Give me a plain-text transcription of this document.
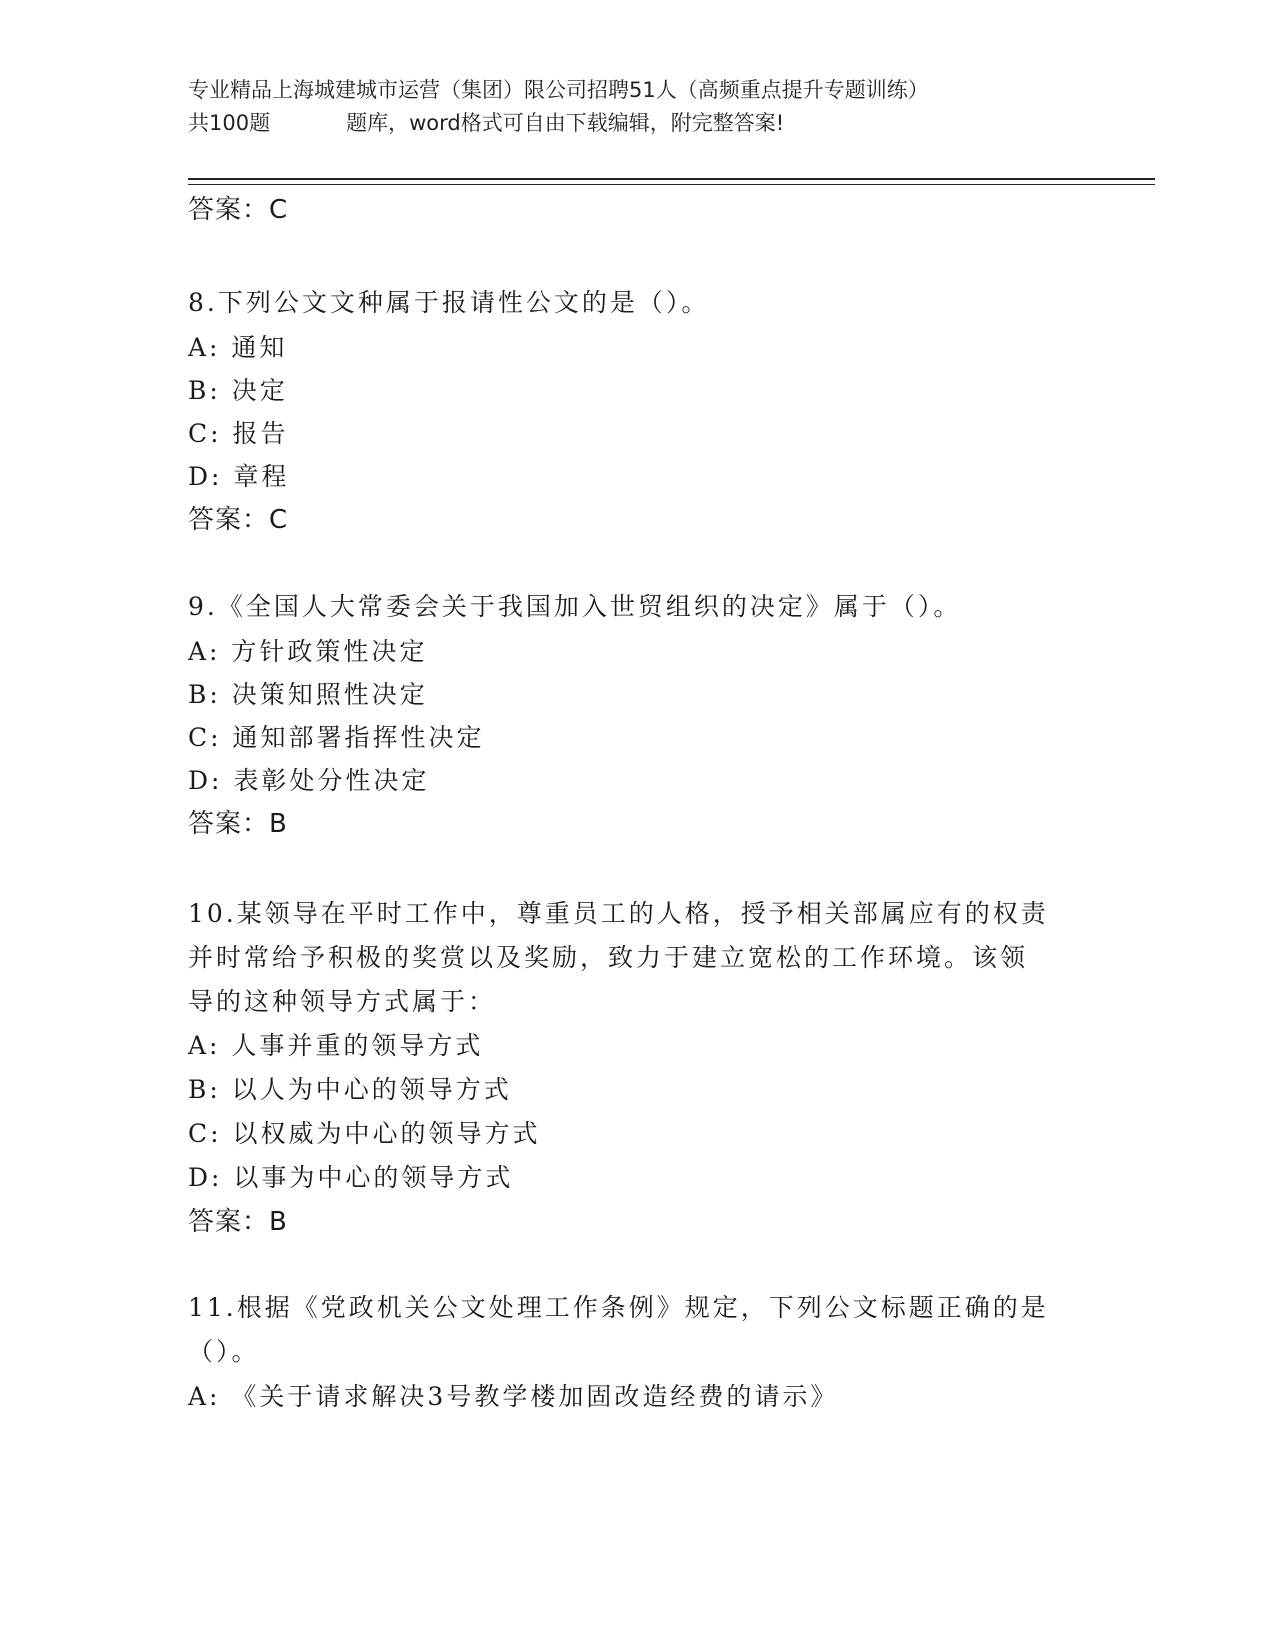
专业精品上海城建城市运营（集团）限公司招聘51人（高频重点提升专题训练）
共100题	题库，word格式可自由下载编辑，附完整答案!
答案：C
8.下列公文文种属于报请性公文的是（）。
A: 通知
B: 决定
C: 报告
D: 章程
答案：C
9.《全国人大常委会关于我国加入世贸组织的决定》属于（）。
A: 方针政策性决定
B: 决策知照性决定
C: 通知部署指挥性决定
D: 表彰处分性决定
答案：B
10.某领导在平时工作中，尊重员工的人格，授予相关部属应有的权责
并时常给予积极的奖赏以及奖励，致力于建立宽松的工作环境。该领
导的这种领导方式属于：
A: 人事并重的领导方式
B: 以人为中心的领导方式
C: 以权威为中心的领导方式
D: 以事为中心的领导方式
答案：B
11.根据《党政机关公文处理工作条例》规定，下列公文标题正确的是
（）。
A: 《关于请求解决3号教学楼加固改造经费的请示》
